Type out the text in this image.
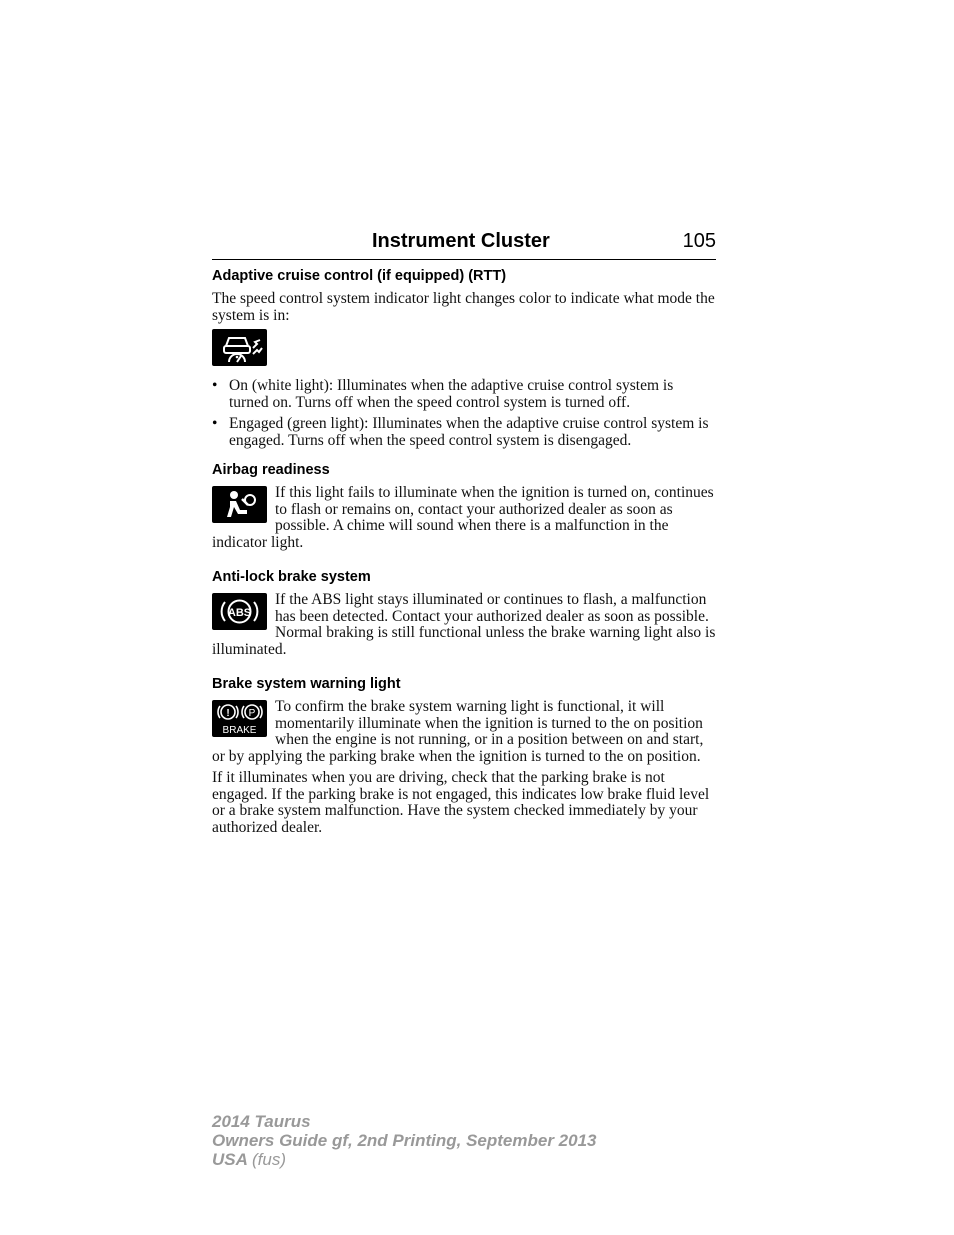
Instrument Cluster	105
Adaptive cruise control (if equipped) (RTT)

The speed control system indicator light changes color to indicate what mode the system is in:

• On (white light): Illuminates when the adaptive cruise control system is turned on. Turns off when the speed control system is turned off.

• Engaged (green light): Illuminates when the adaptive cruise control system is engaged. Turns off when the speed control system is disengaged.

Airbag readiness

If this light fails to illuminate when the ignition is turned on, continues to flash or remains on, contact your authorized dealer as soon as possible. A chime will sound when there is a malfunction in the indicator light.

Anti-lock brake system
ABS

If the ABS light stays illuminated or continues to flash, a malfunction has been detected. Contact your authorized dealer as soon as possible. Normal braking is still functional unless the brake warning light also is illuminated.

Brake system warning light
! P
BRAKE

To confirm the brake system warning light is functional, it will momentarily illuminate when the ignition is turned to the on position when the engine is not running, or in a position between on and start, or by applying the parking brake when the ignition is turned to the on position.

If it illuminates when you are driving, check that the parking brake is not engaged. If the parking brake is not engaged, this indicates low brake fluid level or a brake system malfunction. Have the system checked immediately by your authorized dealer.

2014 Taurus
Owners Guide gf, 2nd Printing, September 2013
USA (fus)
